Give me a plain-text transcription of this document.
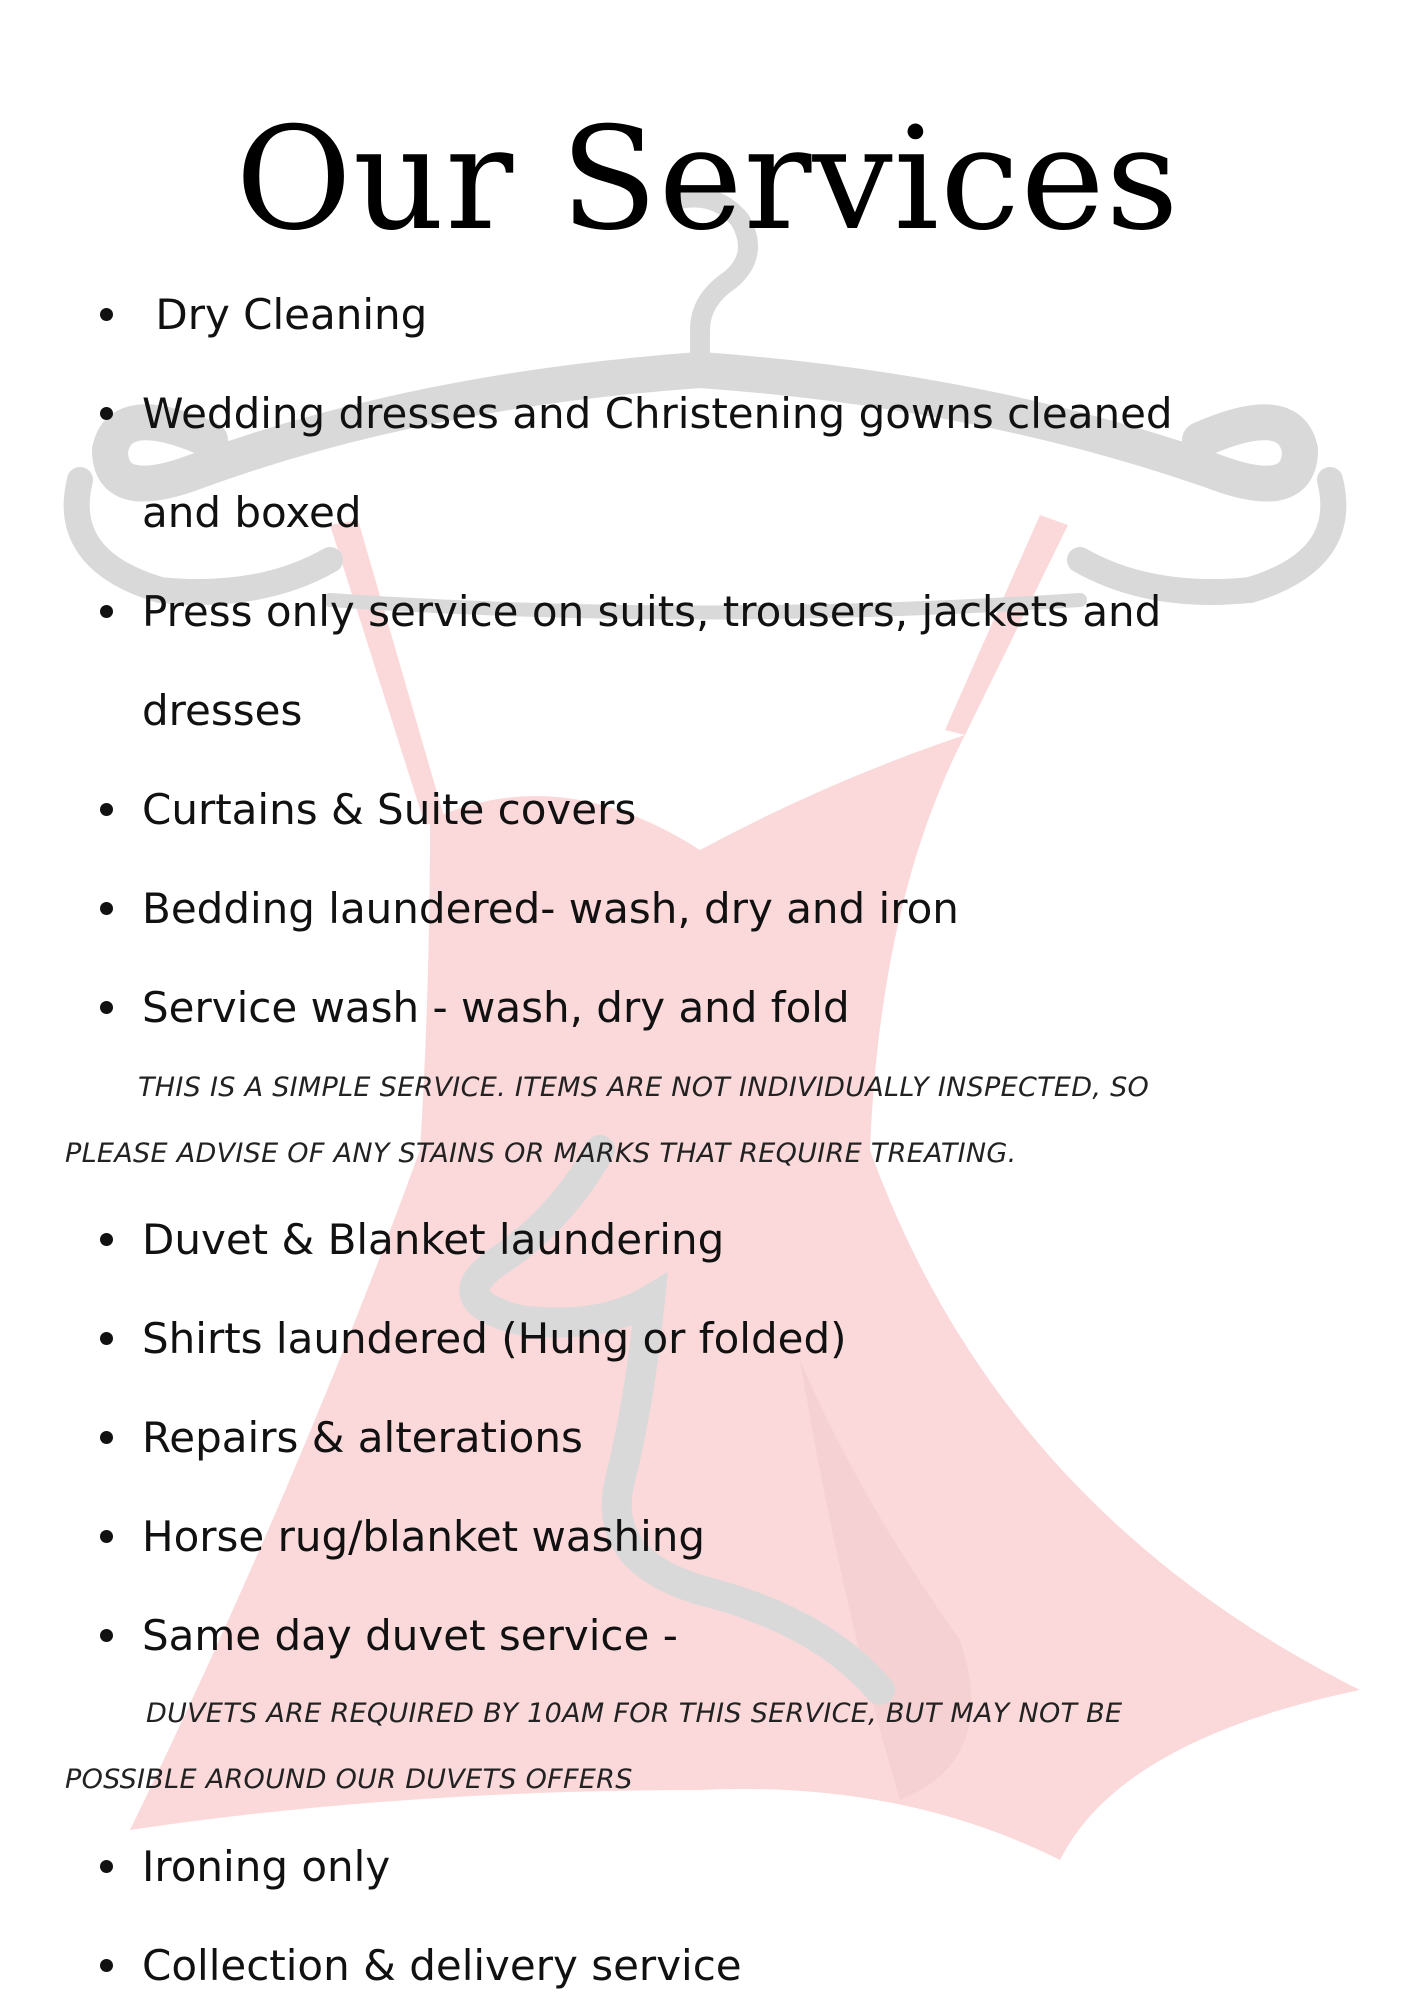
Our Services
Dry Cleaning
Wedding dresses and Christening gowns cleaned
and boxed
Press only service on suits, trousers, jackets and
dresses
Curtains & Suite covers
Bedding laundered- wash, dry and iron
Service wash - wash, dry and fold
THIS IS A SIMPLE SERVICE. ITEMS ARE NOT INDIVIDUALLY INSPECTED, SO
PLEASE ADVISE OF ANY STAINS OR MARKS THAT REQUIRE TREATING.
Duvet & Blanket laundering
Shirts laundered (Hung or folded)
Repairs & alterations
Horse rug/blanket washing
Same day duvet service -
DUVETS ARE REQUIRED BY 10AM FOR THIS SERVICE, BUT MAY NOT BE
POSSIBLE AROUND OUR DUVETS OFFERS
Ironing only
Collection & delivery service
